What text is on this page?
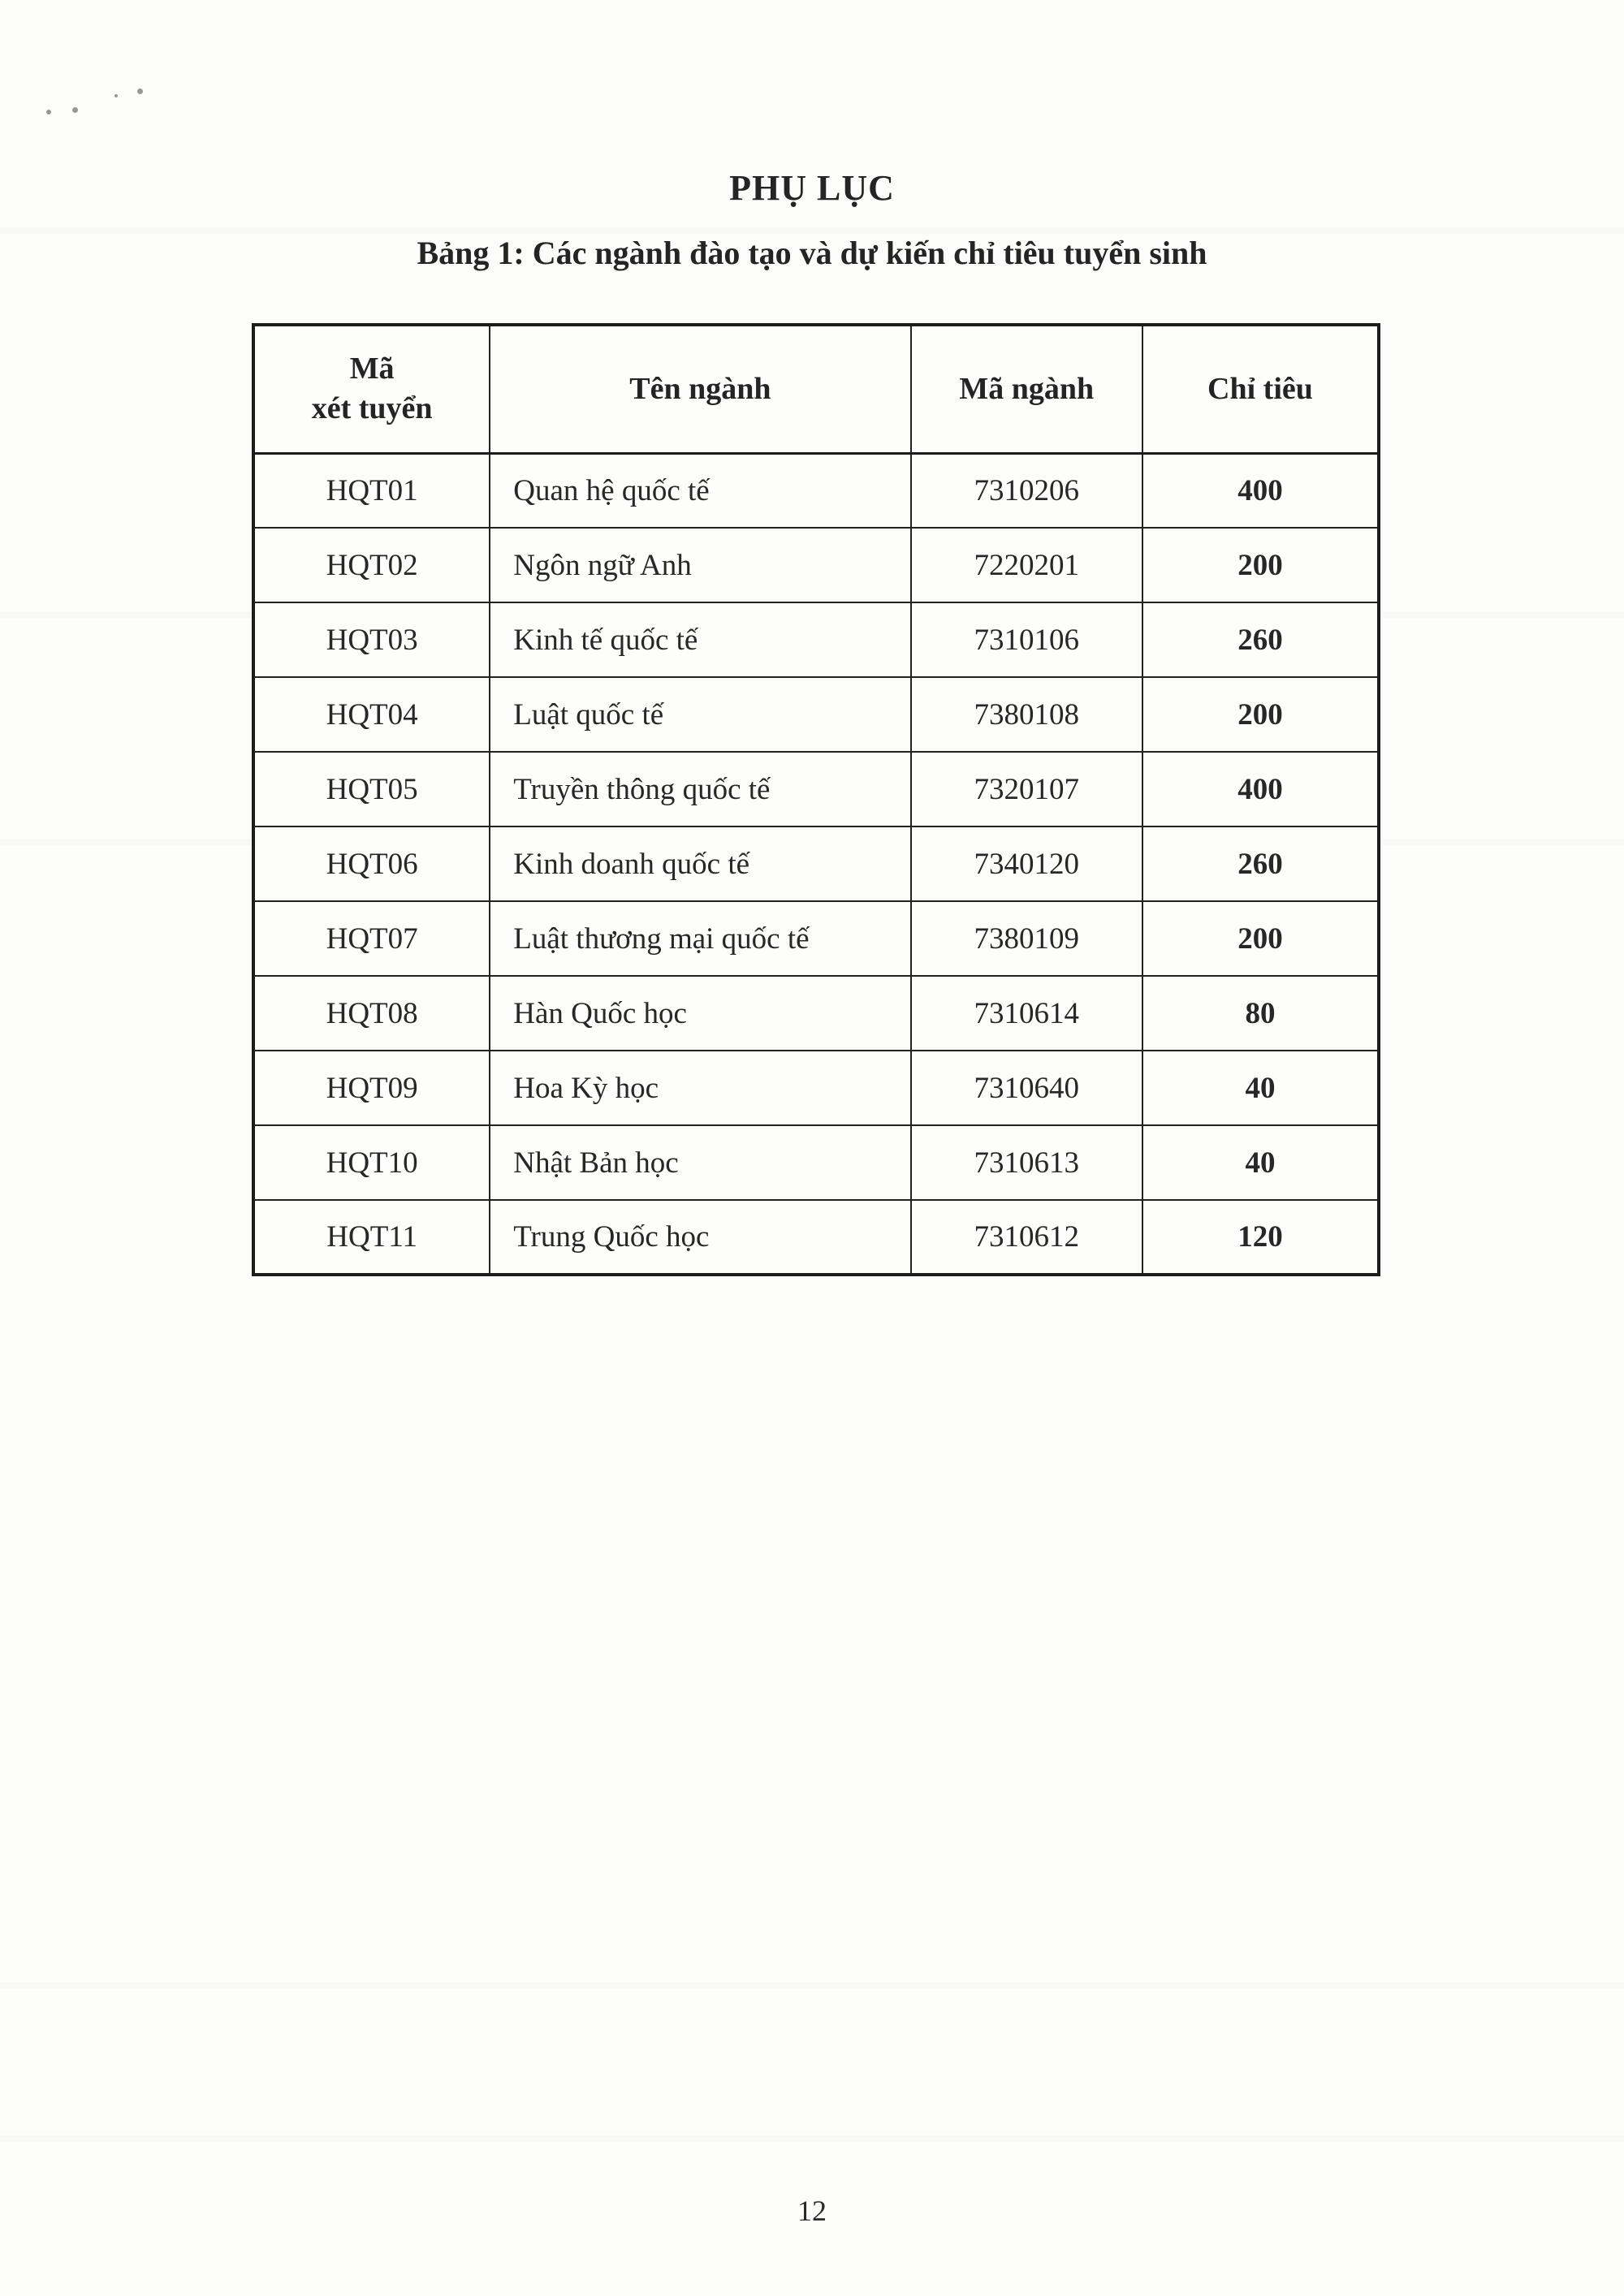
PHỤ LỤC
Bảng 1: Các ngành đào tạo và dự kiến chỉ tiêu tuyển sinh
Mã
xét tuyển	Tên ngành	Mã ngành	Chỉ tiêu
HQT01	Quan hệ quốc tế	7310206	400
HQT02	Ngôn ngữ Anh	7220201	200
HQT03	Kinh tế quốc tế	7310106	260
HQT04	Luật quốc tế	7380108	200
HQT05	Truyền thông quốc tế	7320107	400
HQT06	Kinh doanh quốc tế	7340120	260
HQT07	Luật thương mại quốc tế	7380109	200
HQT08	Hàn Quốc học	7310614	80
HQT09	Hoa Kỳ học	7310640	40
HQT10	Nhật Bản học	7310613	40
HQT11	Trung Quốc học	7310612	120
12
